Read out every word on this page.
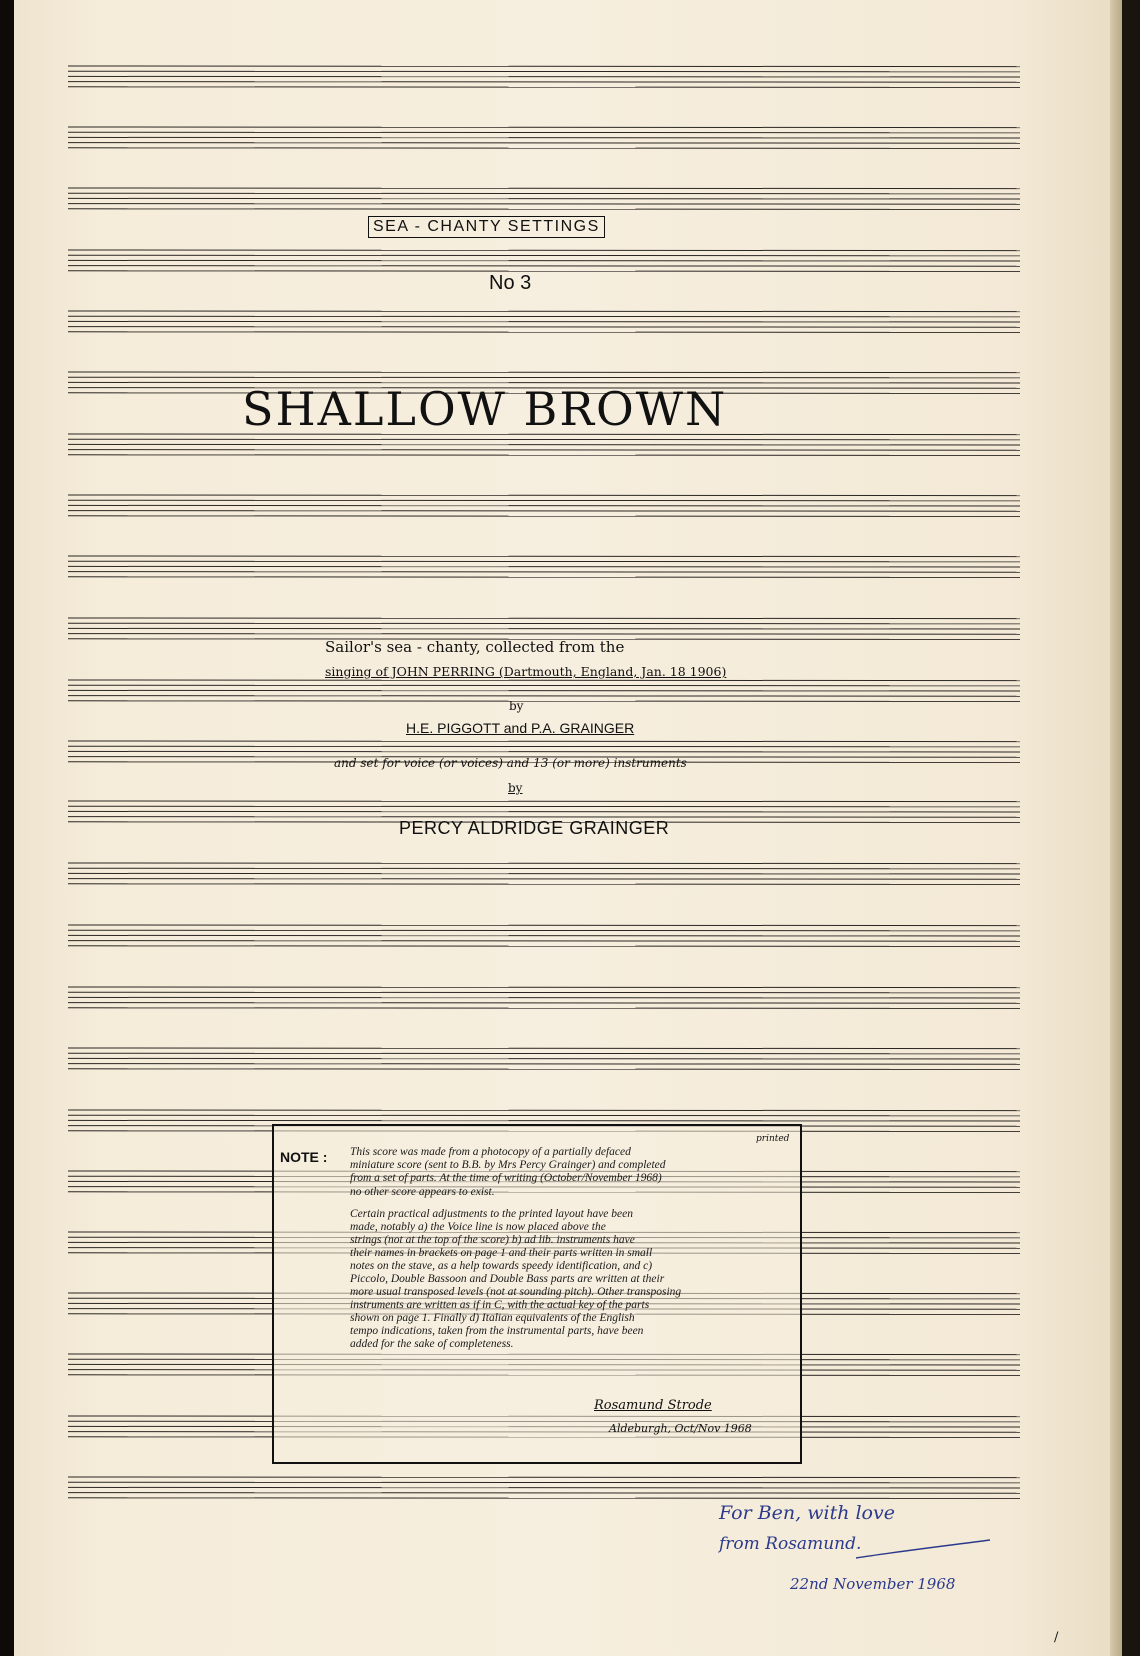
SEA - CHANTY SETTINGS
No 3
SHALLOW BROWN
Sailor's sea - chanty, collected from the
singing of JOHN PERRING (Dartmouth, England, Jan. 18 1906)
by
H.E. PIGGOTT and P.A. GRAINGER
and set for voice (or voices) and 13 (or more) instruments
by
PERCY ALDRIDGE GRAINGER
NOTE :
printed
This score was made from a photocopy of a partially defaced
miniature score (sent to B.B. by Mrs Percy Grainger) and completed
from a set of parts. At the time of writing (October/November 1968)
no other score appears to exist.
Certain practical adjustments to the printed layout have been
made, notably a) the Voice line is now placed above the
strings (not at the top of the score) b) ad lib. instruments have
their names in brackets on page 1 and their parts written in small
notes on the stave, as a help towards speedy identification, and c)
Piccolo, Double Bassoon and Double Bass parts are written at their
more usual transposed levels (not at sounding pitch). Other transposing
instruments are written as if in C, with the actual key of the parts
shown on page 1. Finally d) Italian equivalents of the English
tempo indications, taken from the instrumental parts, have been
added for the sake of completeness.
Rosamund Strode
Aldeburgh, Oct/Nov 1968
For Ben, with love
from Rosamund.
22nd November 1968
/
